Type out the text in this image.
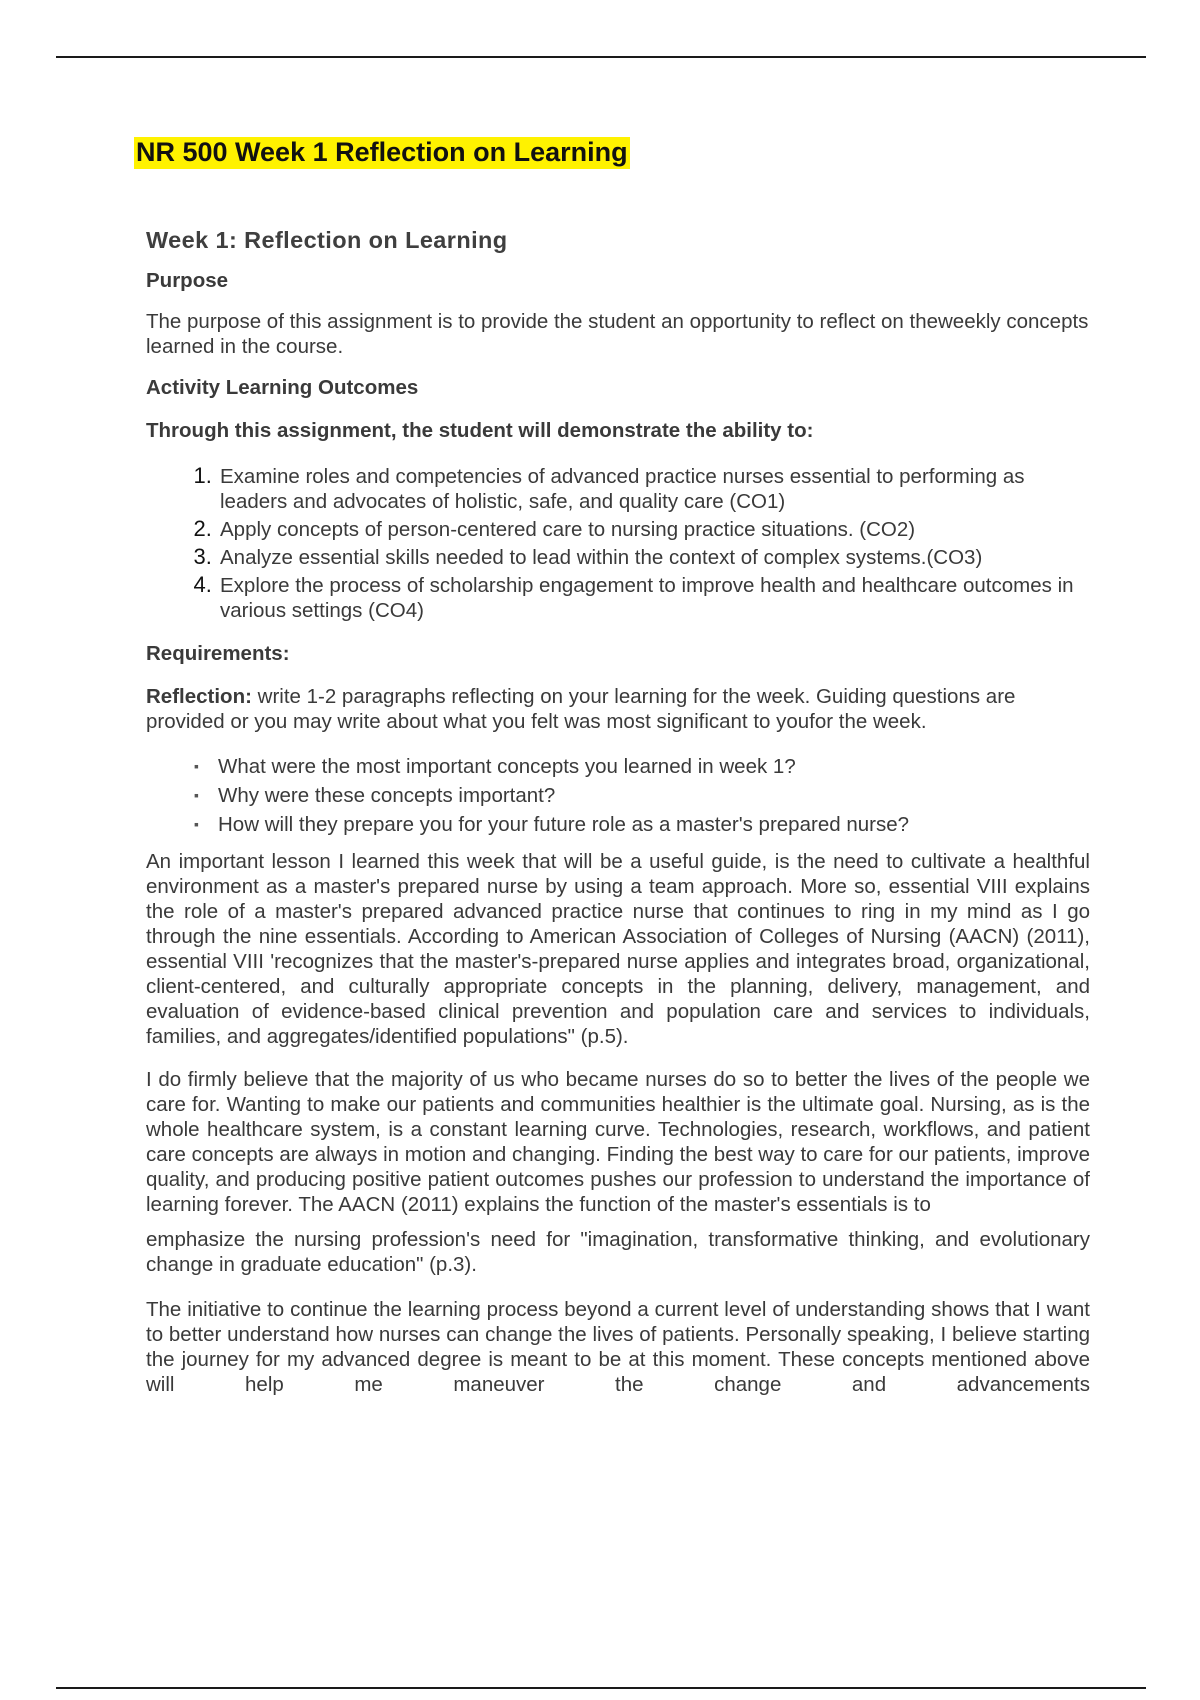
NR 500 Week 1 Reflection on Learning
Week 1: Reflection on Learning

Purpose

The purpose of this assignment is to provide the student an opportunity to reflect on theweekly concepts learned in the course.

Activity Learning Outcomes

Through this assignment, the student will demonstrate the ability to:

1. Examine roles and competencies of advanced practice nurses essential to performing as leaders and advocates of holistic, safe, and quality care (CO1)
2. Apply concepts of person-centered care to nursing practice situations. (CO2)
3. Analyze essential skills needed to lead within the context of complex systems.(CO3)
4. Explore the process of scholarship engagement to improve health and healthcare outcomes in various settings (CO4)

Requirements:

Reflection: write 1-2 paragraphs reflecting on your learning for the week. Guiding questions are provided or you may write about what you felt was most significant to youfor the week.

▪ What were the most important concepts you learned in week 1?
▪ Why were these concepts important?
▪ How will they prepare you for your future role as a master's prepared nurse?

An important lesson I learned this week that will be a useful guide, is the need to cultivate a healthful environment as a master's prepared nurse by using a team approach. More so, essential VIII explains the role of a master's prepared advanced practice nurse that continues to ring in my mind as I go through the nine essentials. According to American Association of Colleges of Nursing (AACN) (2011), essential VIII 'recognizes that the master's-prepared nurse applies and integrates broad, organizational, client-centered, and culturally appropriate concepts in the planning, delivery, management, and evaluation of evidence-based clinical prevention and population care and services to individuals, families, and aggregates/identified populations" (p.5).

I do firmly believe that the majority of us who became nurses do so to better the lives of the people we care for. Wanting to make our patients and communities healthier is the ultimate goal. Nursing, as is the whole healthcare system, is a constant learning curve. Technologies, research, workflows, and patient care concepts are always in motion and changing. Finding the best way to care for our patients, improve quality, and producing positive patient outcomes pushes our profession to understand the importance of learning forever. The AACN (2011) explains the function of the master's essentials is to

emphasize the nursing profession's need for "imagination, transformative thinking, and evolutionary change in graduate education" (p.3).

The initiative to continue the learning process beyond a current level of understanding shows that I want to better understand how nurses can change the lives of patients. Personally speaking, I believe starting the journey for my advanced degree is meant to be at this moment. These concepts mentioned above will help me maneuver the change and advancements
